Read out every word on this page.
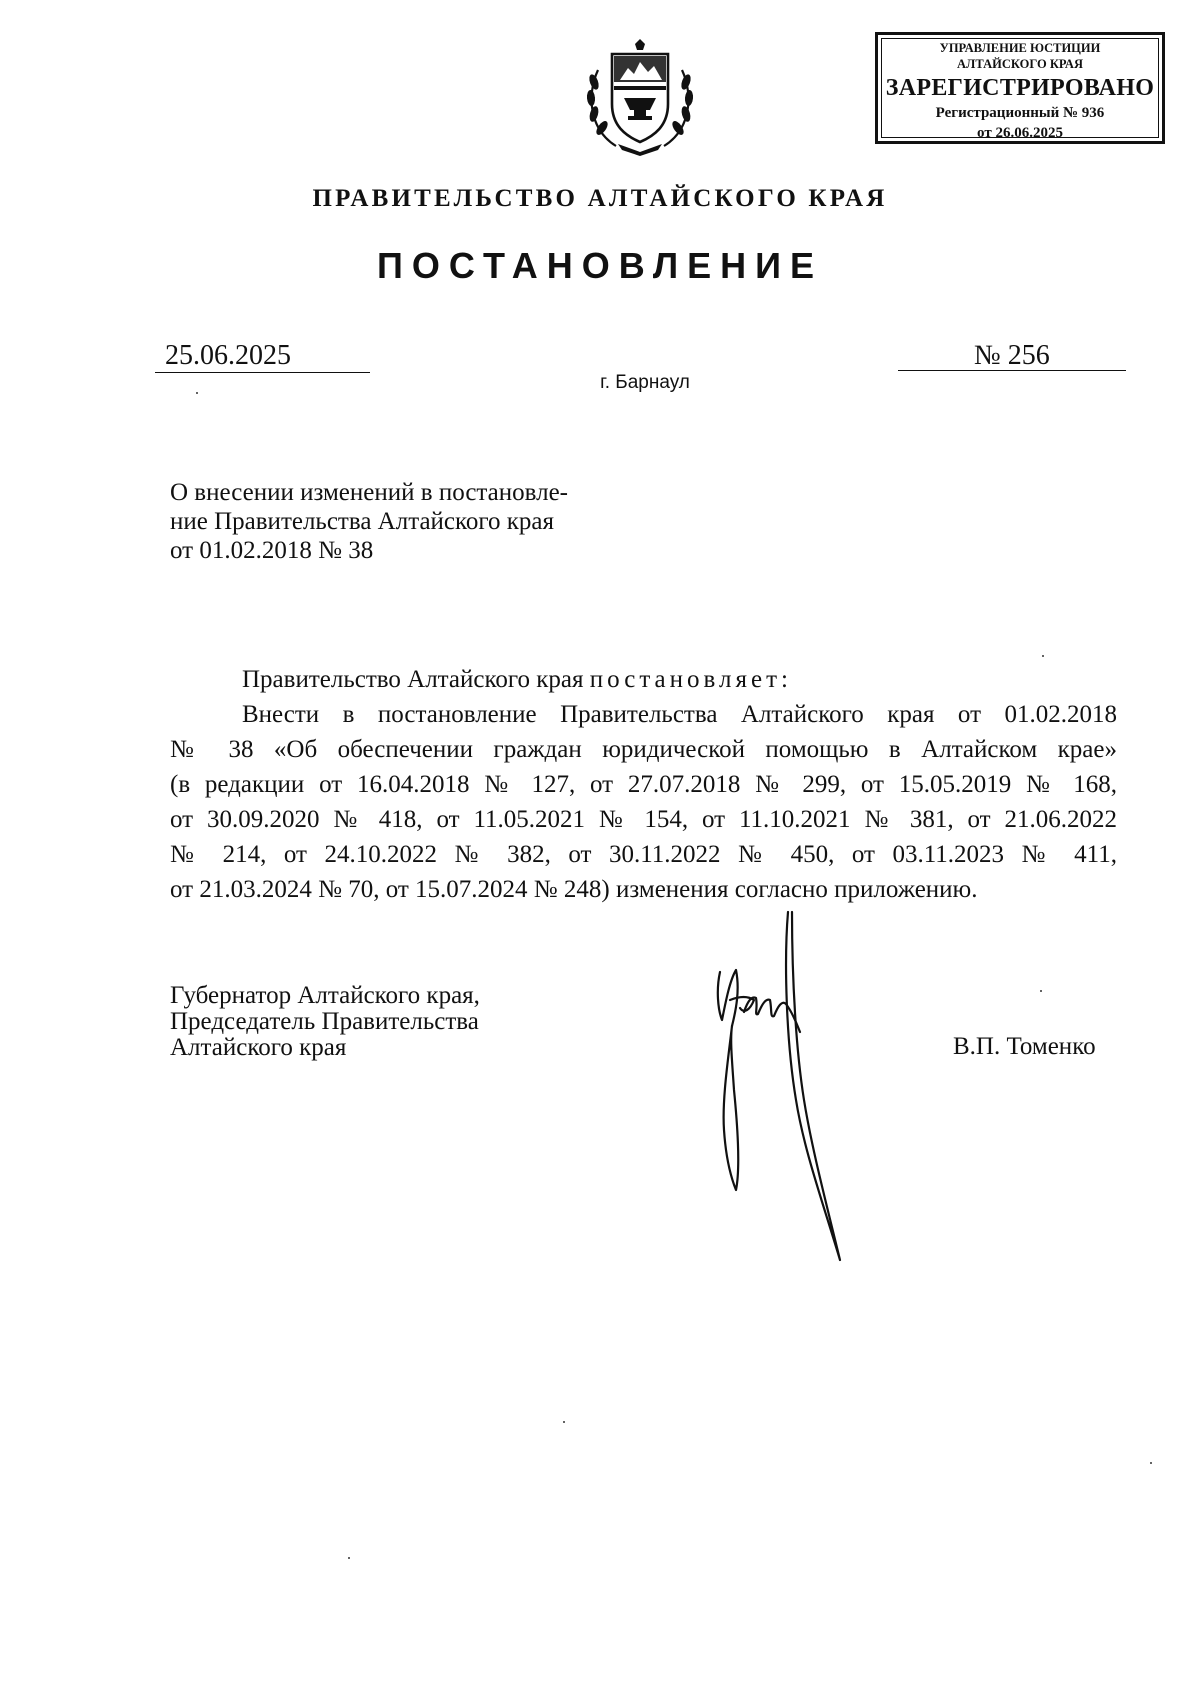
УПРАВЛЕНИЕ ЮСТИЦИИ
АЛТАЙСКОГО КРАЯ
ЗАРЕГИСТРИРОВАНО
Регистрационный № 936
от 26.06.2025
ПРАВИТЕЛЬСТВО АЛТАЙСКОГО КРАЯ
ПОСТАНОВЛЕНИЕ
25.06.2025	№ 256
г. Барнаул
О внесении изменений в постановле-
ние Правительства Алтайского края
от 01.02.2018 № 38
Правительство Алтайского края постановляет:
Внести в постановление Правительства Алтайского края от 01.02.2018
№ 38 «Об обеспечении граждан юридической помощью в Алтайском крае»
(в редакции от 16.04.2018 № 127, от 27.07.2018 № 299, от 15.05.2019 № 168,
от 30.09.2020 № 418, от 11.05.2021 № 154, от 11.10.2021 № 381, от 21.06.2022
№ 214, от 24.10.2022 № 382, от 30.11.2022 № 450, от 03.11.2023 № 411,
от 21.03.2024 № 70, от 15.07.2024 № 248) изменения согласно приложению.
Губернатор Алтайского края,
Председатель Правительства
Алтайского края	В.П. Томенко
